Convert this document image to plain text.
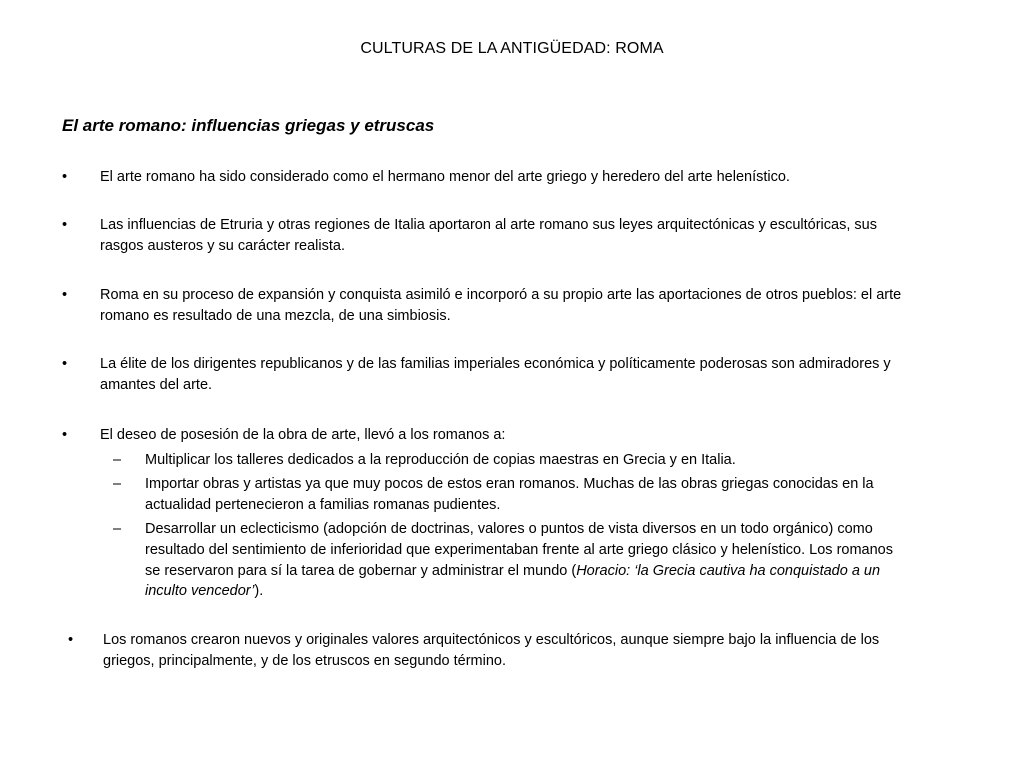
CULTURAS DE LA ANTIGÜEDAD: ROMA
El arte romano: influencias griegas y etruscas
•	El arte romano ha sido considerado como el hermano menor del arte griego y heredero del arte helenístico.
•	Las influencias de Etruria y otras regiones de Italia aportaron al arte romano sus leyes arquitectónicas y escultóricas, sus
rasgos austeros y su carácter realista.
•	Roma en su proceso de expansión y conquista asimiló e incorporó a su propio arte las aportaciones de otros pueblos: el arte
romano es resultado de una mezcla, de una simbiosis.
•	La élite de los dirigentes republicanos y de las familias imperiales económica y políticamente poderosas son admiradores y
amantes del arte.
•	El deseo de posesión de la obra de arte, llevó a los romanos a:
– Multiplicar los talleres dedicados a la reproducción de copias maestras en Grecia y en Italia.
– Importar obras y artistas ya que muy pocos de estos eran romanos. Muchas de las obras griegas conocidas en la
actualidad pertenecieron a familias romanas pudientes.
– Desarrollar un eclecticismo (adopción de doctrinas, valores o puntos de vista diversos en un todo orgánico) como
resultado del sentimiento de inferioridad que experimentaban frente al arte griego clásico y helenístico. Los romanos
se reservaron para sí la tarea de gobernar y administrar el mundo (Horacio: ‘la Grecia cautiva ha conquistado a un
inculto vencedor’).
•	Los romanos crearon nuevos y originales valores arquitectónicos y escultóricos, aunque siempre bajo la influencia de los
griegos, principalmente, y de los etruscos en segundo término.
